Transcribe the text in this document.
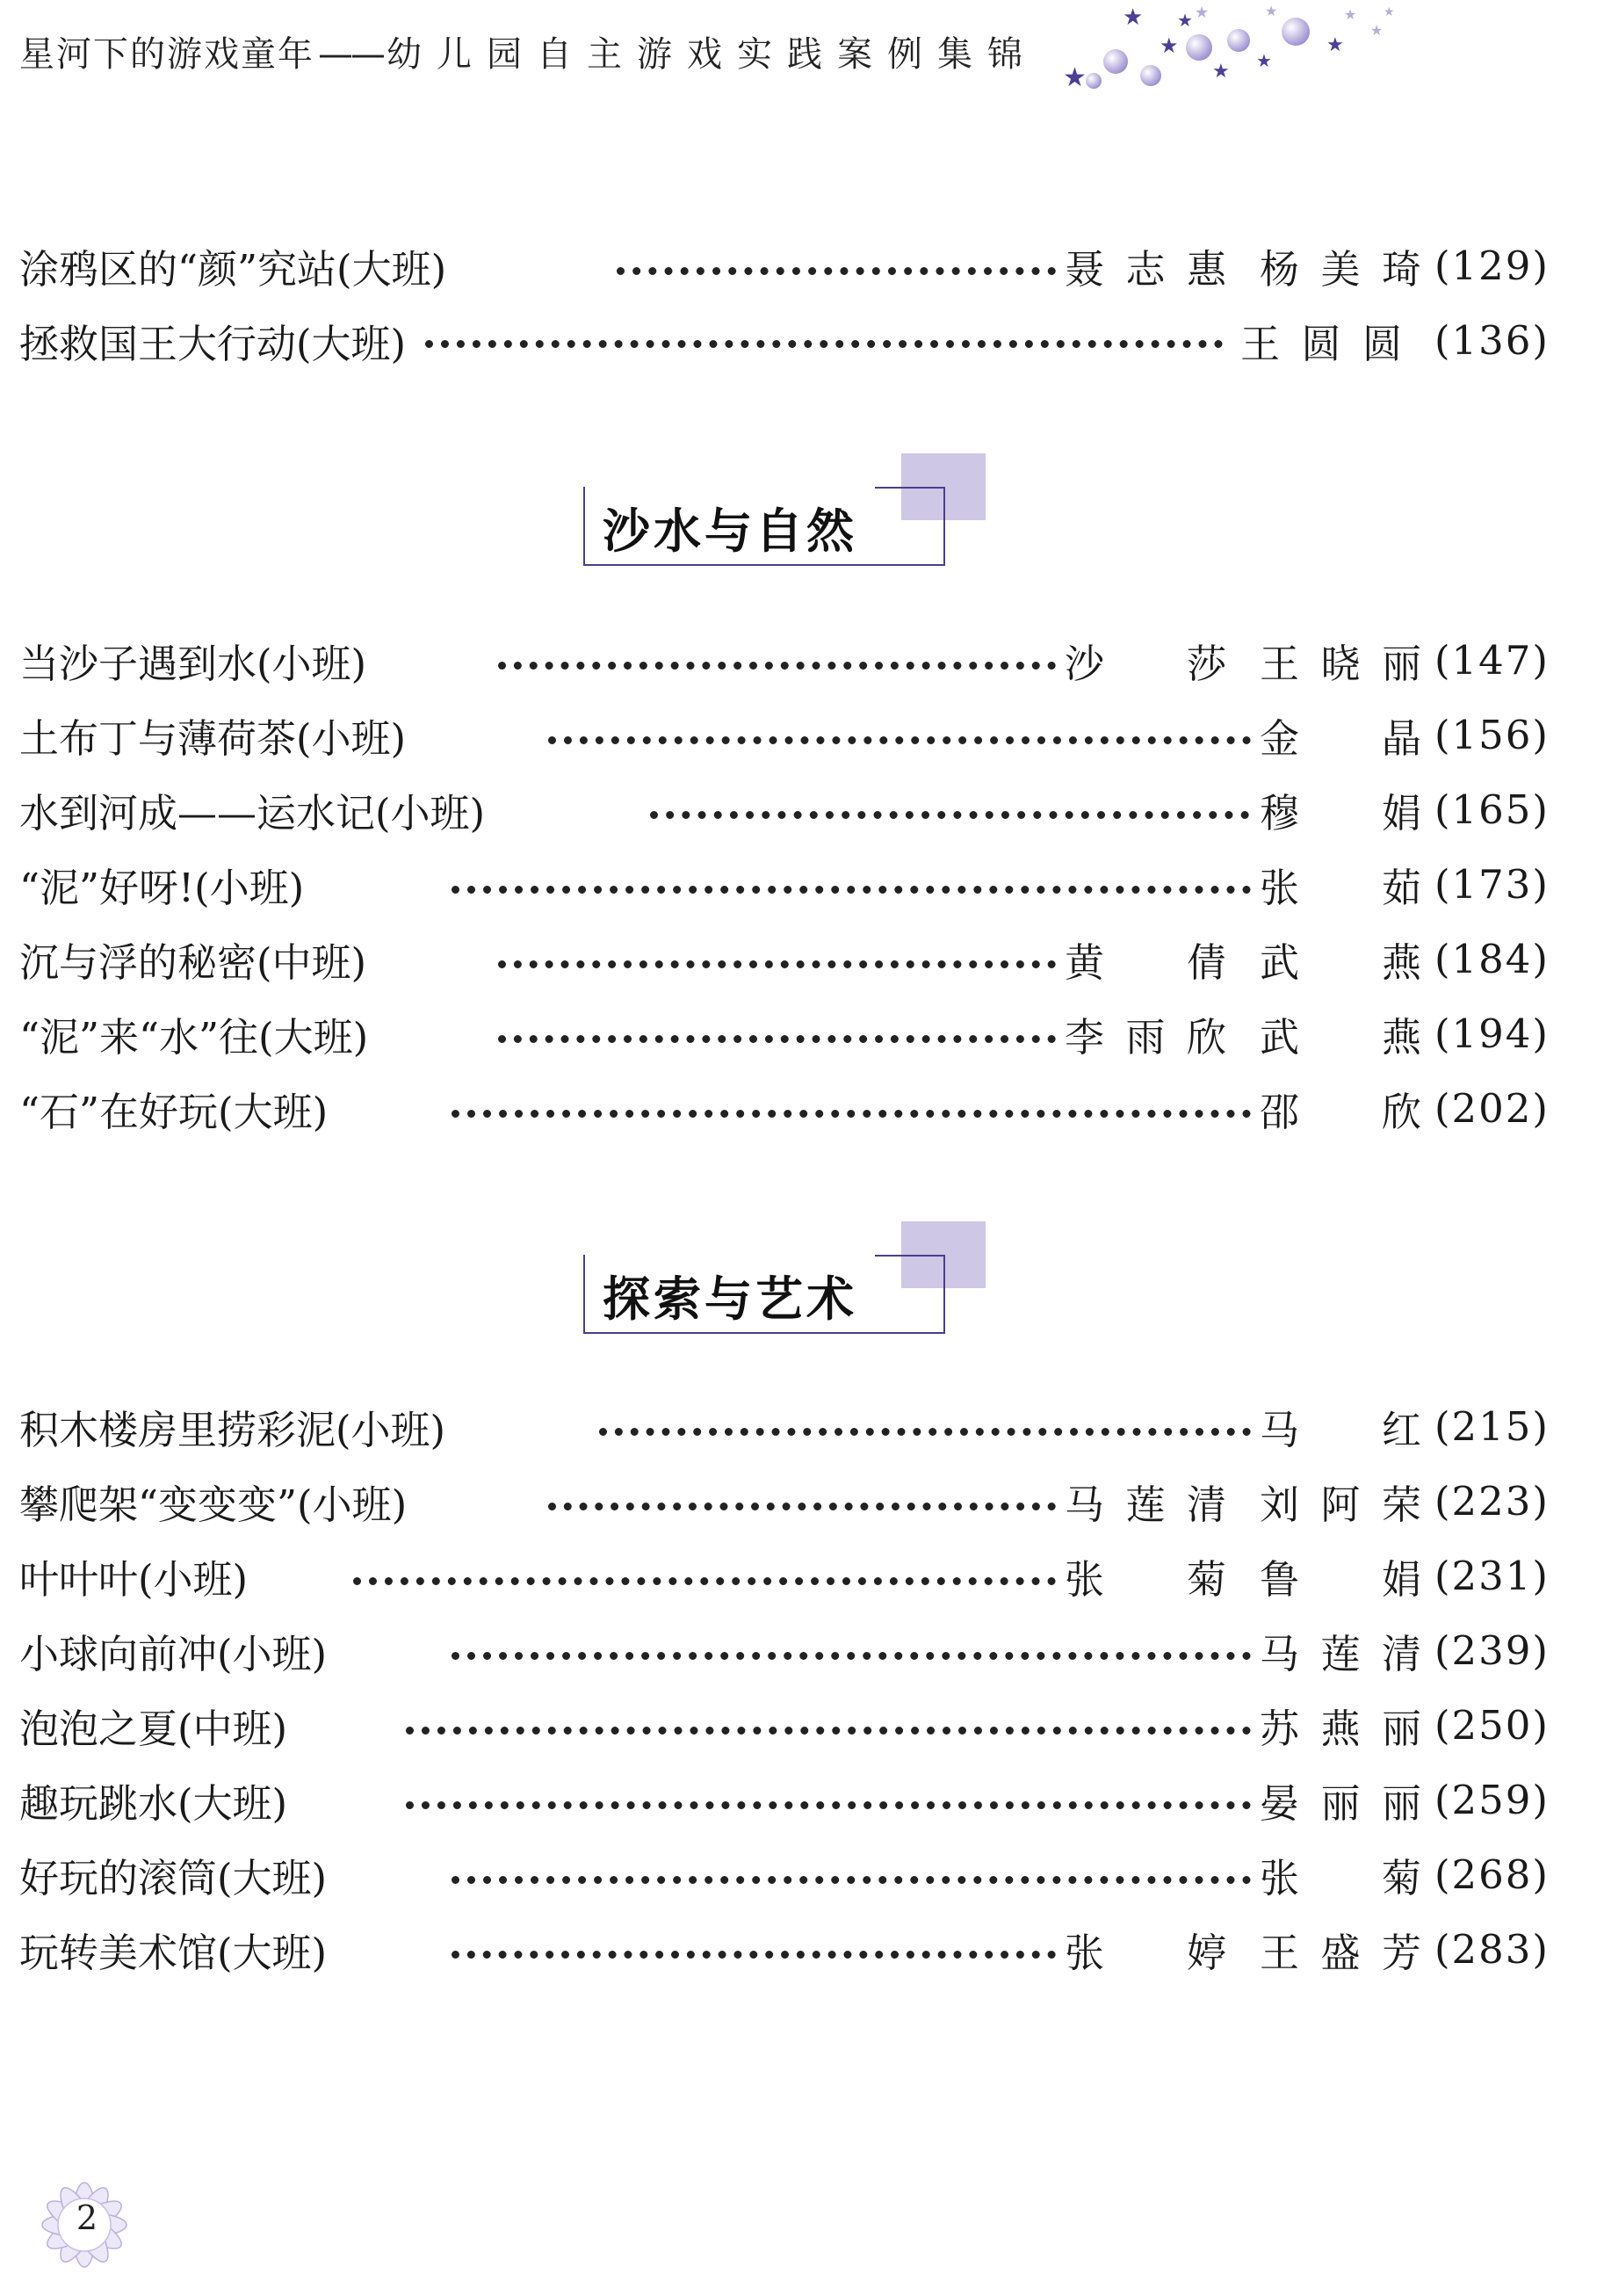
星河下的游戏童年 —— 幼儿园自主游戏实践案例集锦
★
★
★
★ ★
★
★ ★	★	★
★
★
涂鸦区的“颜”究站(大班)	聂志惠 杨美琦 (129)
拯救国王大行动(大班)	王圆圆 (136)
沙水与自然
当沙子遇到水(小班)	沙莎 王晓丽 (147)
土布丁与薄荷茶(小班)	金晶 (156)
水到河成——运水记(小班)	穆娟 (165)
“泥”好呀!(小班)	张茹 (173)
沉与浮的秘密(中班)	黄倩 武燕 (184)
“泥”来“水”往(大班)	李雨欣 武燕 (194)
“石”在好玩(大班)	邵欣 (202)
探索与艺术
积木楼房里捞彩泥(小班)	马红 (215)
攀爬架“变变变”(小班)	马莲清 刘阿荣 (223)
叶叶叶(小班)	张菊 鲁娟 (231)
小球向前冲(小班)	马莲清 (239)
泡泡之夏(中班)	苏燕丽 (250)
趣玩跳水(大班)	晏丽丽 (259)
好玩的滚筒(大班)	张菊 (268)
玩转美术馆(大班)	张婷 王盛芳 (283)
2
